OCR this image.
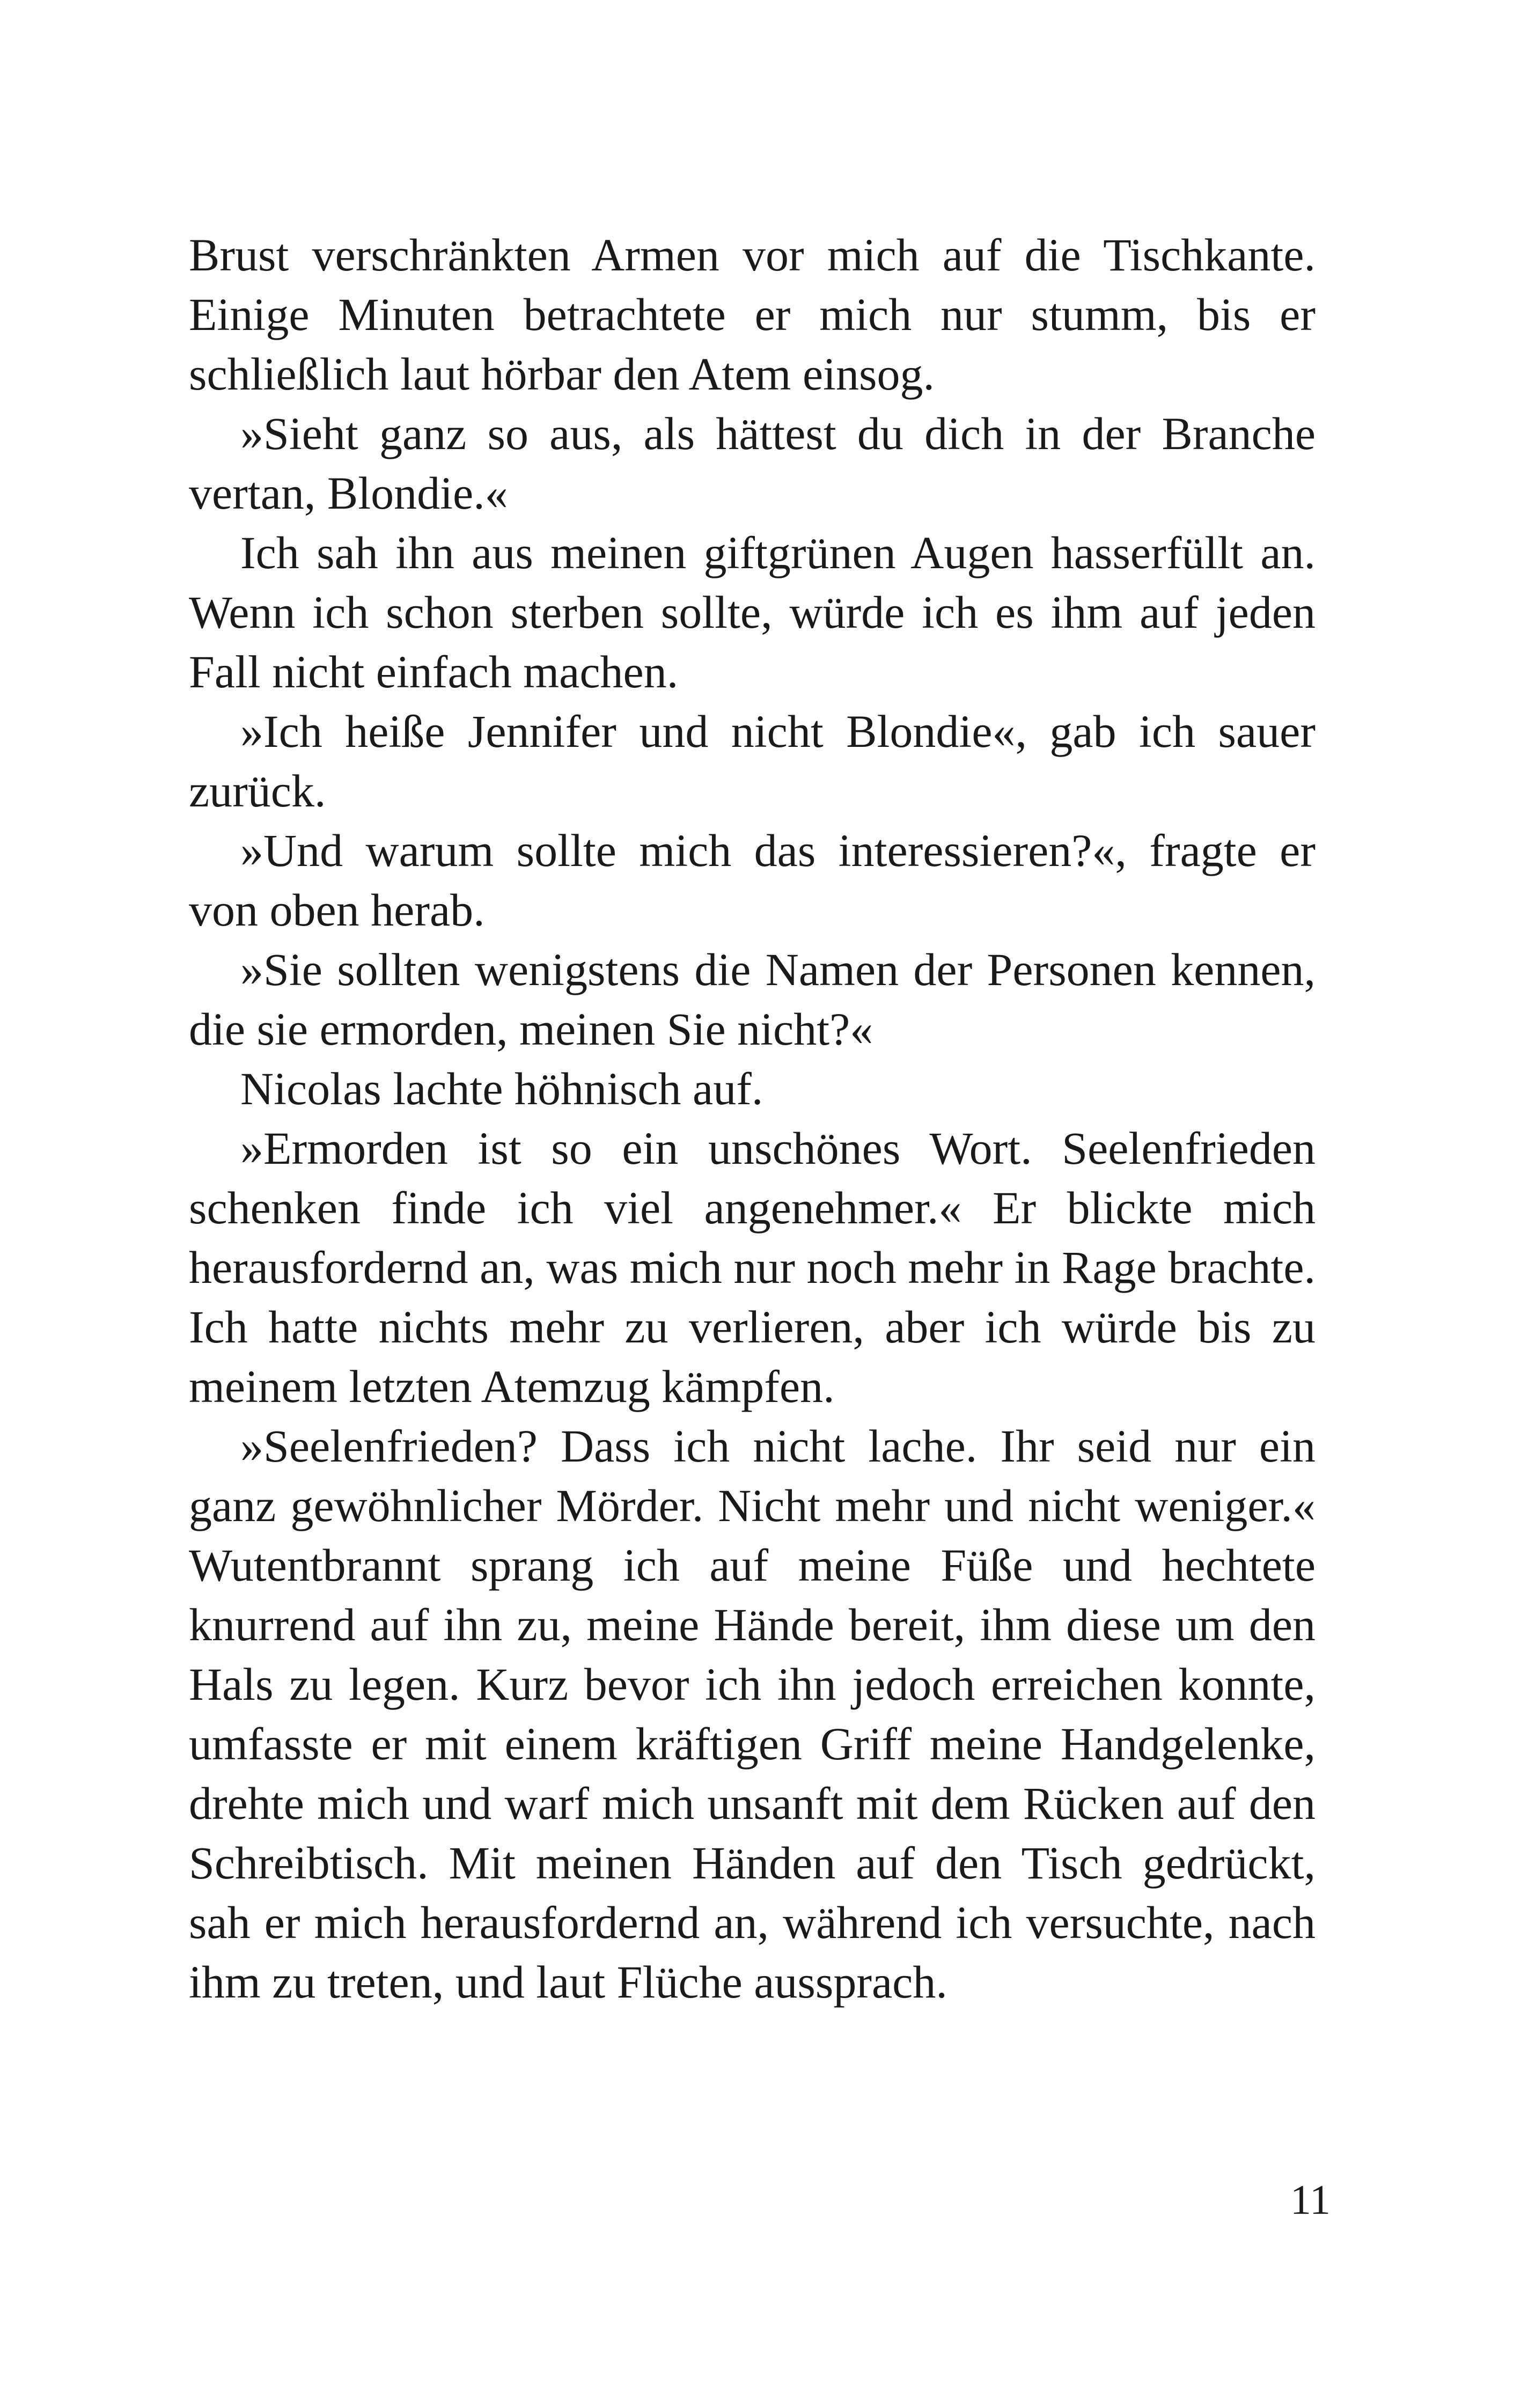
Brust verschränkten Armen vor mich auf die Tischkante. Einige Minuten betrachtete er mich nur stumm, bis er schließlich laut hörbar den Atem einsog.

»Sieht ganz so aus, als hättest du dich in der Branche vertan, Blondie.«

Ich sah ihn aus meinen giftgrünen Augen hasserfüllt an. Wenn ich schon sterben sollte, würde ich es ihm auf jeden Fall nicht einfach machen.

»Ich heiße Jennifer und nicht Blondie«, gab ich sauer zurück.

»Und warum sollte mich das interessieren?«, fragte er von oben herab.

»Sie sollten wenigstens die Namen der Personen kennen, die sie ermorden, meinen Sie nicht?«

Nicolas lachte höhnisch auf.

»Ermorden ist so ein unschönes Wort. Seelenfrieden schenken finde ich viel angenehmer.« Er blickte mich herausfordernd an, was mich nur noch mehr in Rage brachte. Ich hatte nichts mehr zu verlieren, aber ich würde bis zu meinem letzten Atemzug kämpfen.

»Seelenfrieden? Dass ich nicht lache. Ihr seid nur ein ganz gewöhnlicher Mörder. Nicht mehr und nicht weniger.« Wutentbrannt sprang ich auf meine Füße und hechtete knurrend auf ihn zu, meine Hände bereit, ihm diese um den Hals zu legen. Kurz bevor ich ihn jedoch erreichen konnte, umfasste er mit einem kräftigen Griff meine Handgelenke, drehte mich und warf mich unsanft mit dem Rücken auf den Schreibtisch. Mit meinen Händen auf den Tisch gedrückt, sah er mich herausfordernd an, während ich versuchte, nach ihm zu treten, und laut Flüche aussprach.

11
